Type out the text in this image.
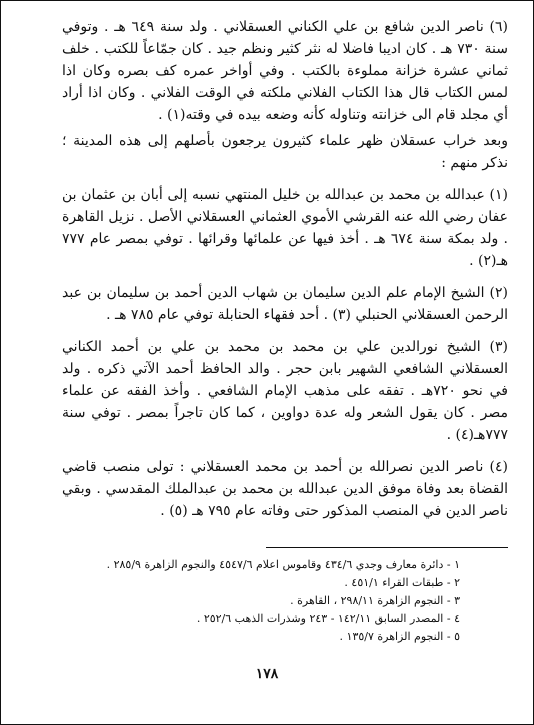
(٦) ناصر الدين شافع بن علي الكناني العسقلاني . ولد سنة ٦٤٩ هـ . وتوفي سنة ٧٣٠ هـ . كان اديبا فاضلا له نثر كثير ونظم جيد . كان جمّاعاً للكتب . خلف ثماني عشرة خزانة مملوءة بالكتب . وفي أواخر عمره كف بصره وكان اذا لمس الكتاب قال هذا الكتاب الفلاني ملكته في الوقت الفلاني . وكان اذا أراد أي مجلد قام الى خزانته وتناوله كأنه وضعه بيده في وقته(١) .

وبعد خراب عسقلان ظهر علماء كثيرون يرجعون بأصلهم إلى هذه المدينة ؛ نذكر منهم :

(١) عبدالله بن محمد بن عبدالله بن خليل المنتهي نسبه إلى أبان بن عثمان بن عفان رضي الله عنه القرشي الأموي العثماني العسقلاني الأصل . نزيل القاهرة . ولد بمكة سنة ٦٧٤ هـ . أخذ فيها عن علمائها وقرائها . توفي بمصر عام ٧٧٧ هـ(٢) .

(٢) الشيخ الإمام علم الدين سليمان بن شهاب الدين أحمد بن سليمان بن عبد الرحمن العسقلاني الحنبلي (٣) . أحد فقهاء الحنابلة توفي عام ٧٨٥ هـ .

(٣) الشيخ نورالدين علي بن محمد بن محمد بن علي بن أحمد الكناني العسقلاني الشافعي الشهير بابن حجر . والد الحافظ أحمد الآتي ذكره . ولد في نحو ٧٢٠هـ . تفقه على مذهب الإمام الشافعي . وأخذ الفقه عن علماء مصر . كان يقول الشعر وله عدة دواوين ، كما كان تاجراً بمصر . توفي سنة ٧٧٧هـ(٤) .

(٤) ناصر الدين نصرالله بن أحمد بن محمد العسقلاني : تولى منصب قاضي القضاة بعد وفاة موفق الدين عبدالله بن محمد بن عبدالملك المقدسي . وبقي ناصر الدين في المنصب المذكور حتى وفاته عام ٧٩٥ هـ (٥) .

١ - دائرة معارف وجدي ٤٣٤/٦ وقاموس اعلام ٤٥٤٧/٦ والنجوم الزاهرة ٢٨٥/٩ .

٢ - طبقات القراء ٤٥١/١ .

٣ - النجوم الزاهرة ٢٩٨/١١ ، القاهرة .

٤ - المصدر السابق ١٤٢/١١ - ٢٤٣ وشذرات الذهب ٢٥٢/٦ .

٥ - النجوم الزاهرة ١٣٥/٧ .

١٧٨
